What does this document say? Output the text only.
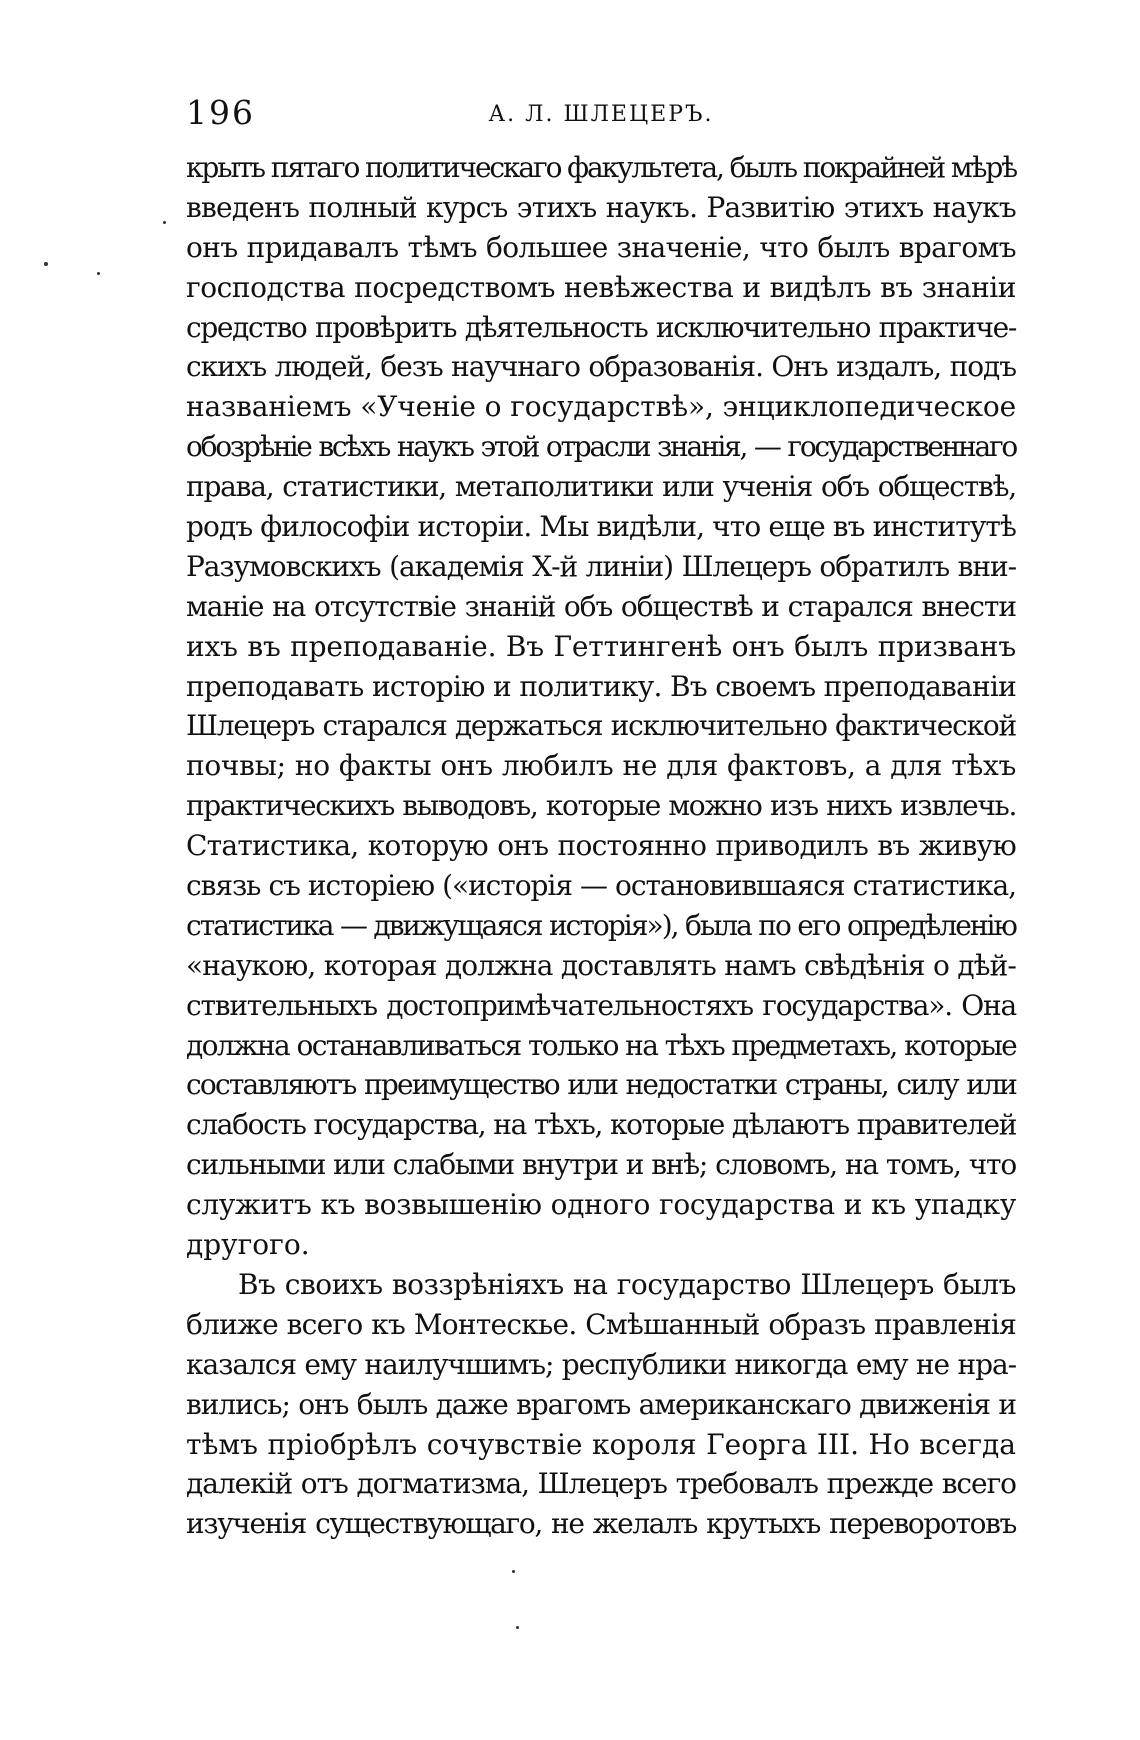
196	А. Л. ШЛЕЦЕРЪ.
крыть пятаго политическаго факультета, былъ покрайней мѣрѣ
введенъ полный курсъ этихъ наукъ. Развитію этихъ наукъ
онъ придавалъ тѣмъ большее значеніе, что былъ врагомъ
господства посредствомъ невѣжества и видѣлъ въ знаніи
средство провѣрить дѣятельность исключительно практиче-
скихъ людей, безъ научнаго образованія. Онъ издалъ, подъ
названіемъ «Ученіе о государствѣ», энциклопедическое
обозрѣніе всѣхъ наукъ этой отрасли знанія, — государственнаго
права, статистики, метаполитики или ученія объ обществѣ,
родъ философіи исторіи. Мы видѣли, что еще въ институтѣ
Разумовскихъ (академія Х-й линіи) Шлецеръ обратилъ вни-
маніе на отсутствіе знаній объ обществѣ и старался внести
ихъ въ преподаваніе. Въ Геттингенѣ онъ былъ призванъ
преподавать исторію и политику. Въ своемъ преподаваніи
Шлецеръ старался держаться исключительно фактической
почвы; но факты онъ любилъ не для фактовъ, а для тѣхъ
практическихъ выводовъ, которые можно изъ нихъ извлечь.
Статистика, которую онъ постоянно приводилъ въ живую
связь съ исторіею («исторія — остановившаяся статистика,
статистика — движущаяся исторія»), была по его опредѣленію
«наукою, которая должна доставлять намъ свѣдѣнія о дѣй-
ствительныхъ достопримѣчательностяхъ государства». Она
должна останавливаться только на тѣхъ предметахъ, которые
составляютъ преимущество или недостатки страны, силу или
слабость государства, на тѣхъ, которые дѣлаютъ правителей
сильными или слабыми внутри и внѣ; словомъ, на томъ, что
служитъ къ возвышенію одного государства и къ упадку
другого.
Въ своихъ воззрѣніяхъ на государство Шлецеръ былъ
ближе всего къ Монтескье. Смѣшанный образъ правленія
казался ему наилучшимъ; республики никогда ему не нра-
вились; онъ былъ даже врагомъ американскаго движенія и
тѣмъ пріобрѣлъ сочувствіе короля Георга III. Но всегда
далекій отъ догматизма, Шлецеръ требовалъ прежде всего
изученія существующаго, не желалъ крутыхъ переворотовъ
